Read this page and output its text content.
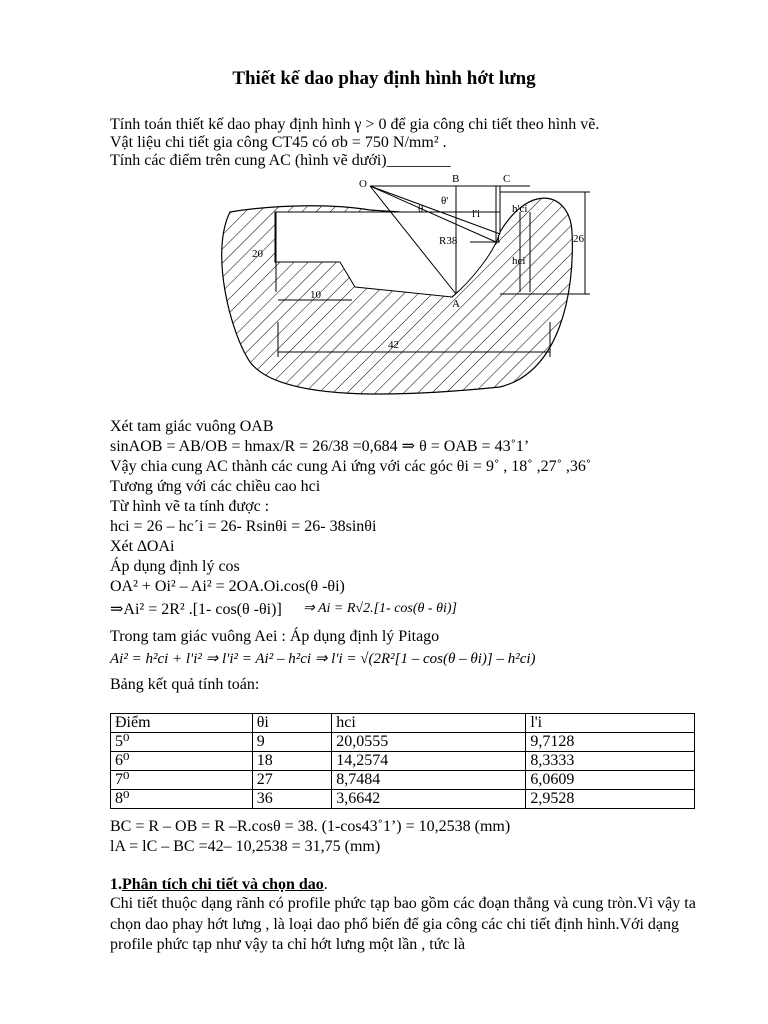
Thiết kế dao phay định hình hớt lưng
Tính toán thiết kế dao phay định hình γ > 0 để gia công chi tiết theo hình vẽ.
Vật liệu chi tiết gia công CT45 có σb = 750 N/mm² .
Tính các điểm trên cung AC (hình vẽ dưới)________
O	B	C
A
i
θ
θ'
l'i	h'ci
hci
R38
20
10
42
26
Xét tam giác vuông OAB
sinAOB = AB/OB = hmax/R = 26/38 =0,684 ⇒ θ = OAB = 43˚1’
Vậy chia cung AC thành các cung Ai ứng với các góc θi = 9˚ , 18˚ ,27˚ ,36˚
Tương ứng với các chiều cao hci
Từ hình vẽ ta tính được :
hci = 26 – hc´i = 26- Rsinθi = 26- 38sinθi
Xét ∆OAi
Áp dụng định lý cos
OA² + Oi² – Ai² = 2OA.Oi.cos(θ -θi)
⇒Ai² = 2R² .[1- cos(θ -θi)] ⇒ Ai = R√2.[1- cos(θ - θi)]
Trong tam giác vuông Aei : Áp dụng định lý Pitago
Ai² = h²ci + l'i² ⇒ l'i² = Ai² – h²ci ⇒ l'i = √(2R²[1 – cos(θ – θi)] – h²ci)
Bảng kết quả tính toán:
Điểm	θi	hci	l'i
5⁰	9	20,0555	9,7128
6⁰	18	14,2574	8,3333
7⁰	27	8,7484	6,0609
8⁰	36	3,6642	2,9528
BC = R – OB = R –R.cosθ = 38. (1-cos43˚1’) = 10,2538 (mm)
lA = lC – BC =42– 10,2538 = 31,75 (mm)
1.Phân tích chi tiết và chọn dao.
Chi tiết thuộc dạng rãnh có profile phức tạp bao gồm các đoạn thẳng và cung tròn.Vì vậy ta chọn dao phay hớt lưng , là loại dao phổ biến để gia công các chi tiết định hình.Với dạng profile phức tạp như vậy ta chỉ hớt lưng một lần , tức là
